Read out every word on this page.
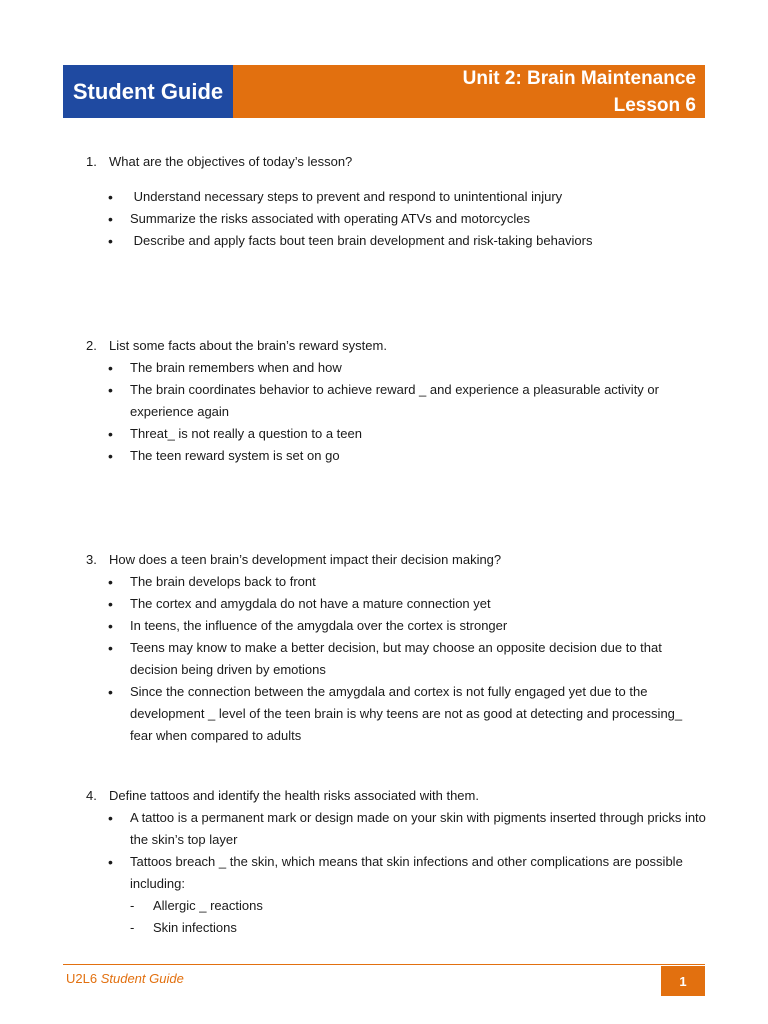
Student Guide
Unit 2: Brain Maintenance
Lesson 6

1. What are the objectives of today’s lesson?

•	Understand necessary steps to prevent and respond to unintentional injury
•	Summarize the risks associated with operating ATVs and motorcycles
•	Describe and apply facts bout teen brain development and risk-taking behaviors

2. List some facts about the brain’s reward system.

•	The brain remembers when and how
•	The brain coordinates behavior to achieve reward _ and experience a pleasurable activity or experience again
•	Threat_ is not really a question to a teen
•	The teen reward system is set on go

3. How does a teen brain’s development impact their decision making?

•	The brain develops back to front
•	The cortex and amygdala do not have a mature connection yet
•	In teens, the influence of the amygdala over the cortex is stronger
•	Teens may know to make a better decision, but may choose an opposite decision due to that decision being driven by emotions
•	Since the connection between the amygdala and cortex is not fully engaged yet due to the development _ level of the teen brain is why teens are not as good at detecting and processing_ fear when compared to adults

4. Define tattoos and identify the health risks associated with them.

•	A tattoo is a permanent mark or design made on your skin with pigments inserted through pricks into the skin’s top layer
•	Tattoos breach _ the skin, which means that skin infections and other complications are possible including:
-	Allergic _ reactions
-	Skin infections
U2L6 Student Guide	1
